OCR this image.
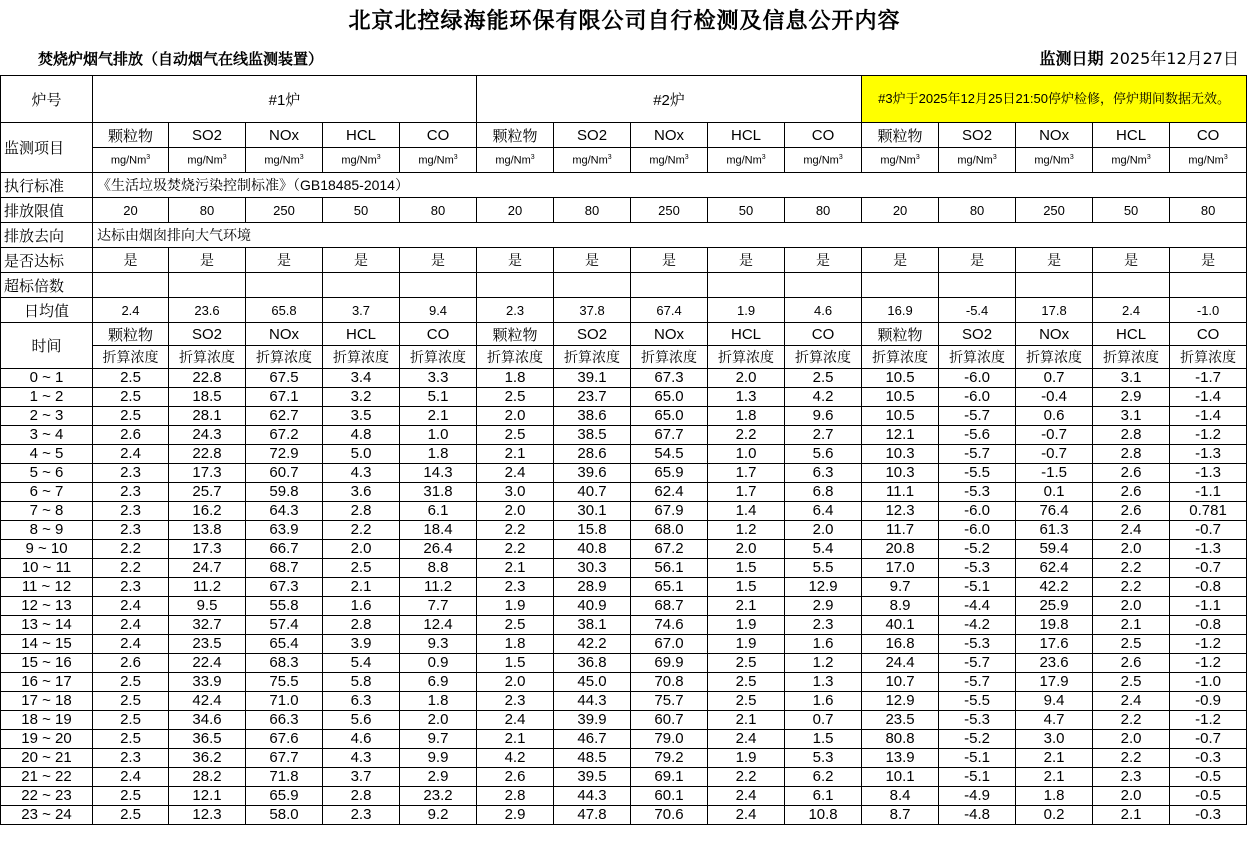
北京北控绿海能环保有限公司自行检测及信息公开内容
焚烧炉烟气排放（自动烟气在线监测装置）	监测日期 2025年12月27日
炉号	#1炉					#2炉					#3炉于2025年12月25日21:50停炉检修，停炉期间数据无效。				
监测项目	颗粒物	SO2	NOx	HCL	CO	颗粒物	SO2	NOx	HCL	CO	颗粒物	SO2	NOx	HCL	CO
	mg/Nm$^3$	mg/Nm$^3$	mg/Nm$^3$	mg/Nm$^3$	mg/Nm$^3$	mg/Nm$^3$	mg/Nm$^3$	mg/Nm$^3$	mg/Nm$^3$	mg/Nm$^3$	mg/Nm$^3$	mg/Nm$^3$	mg/Nm$^3$	mg/Nm$^3$	mg/Nm$^3$
执行标准	《生活垃圾焚烧污染控制标准》（GB18485-2014）														
排放限值	20	80	250	50	80	20	80	250	50	80	20	80	250	50	80
排放去向	达标由烟囱排向大气环境														
是否达标	是	是	是	是	是	是	是	是	是	是	是	是	是	是	是
超标倍数															
日均值	2.4	23.6	65.8	3.7	9.4	2.3	37.8	67.4	1.9	4.6	16.9	-5.4	17.8	2.4	-1.0
时间	颗粒物	SO2	NOx	HCL	CO	颗粒物	SO2	NOx	HCL	CO	颗粒物	SO2	NOx	HCL	CO
	折算浓度	折算浓度	折算浓度	折算浓度	折算浓度	折算浓度	折算浓度	折算浓度	折算浓度	折算浓度	折算浓度	折算浓度	折算浓度	折算浓度	折算浓度
0 ~ 1	2.5	22.8	67.5	3.4	3.3	1.8	39.1	67.3	2.0	2.5	10.5	-6.0	0.7	3.1	-1.7
1 ~ 2	2.5	18.5	67.1	3.2	5.1	2.5	23.7	65.0	1.3	4.2	10.5	-6.0	-0.4	2.9	-1.4
2 ~ 3	2.5	28.1	62.7	3.5	2.1	2.0	38.6	65.0	1.8	9.6	10.5	-5.7	0.6	3.1	-1.4
3 ~ 4	2.6	24.3	67.2	4.8	1.0	2.5	38.5	67.7	2.2	2.7	12.1	-5.6	-0.7	2.8	-1.2
4 ~ 5	2.4	22.8	72.9	5.0	1.8	2.1	28.6	54.5	1.0	5.6	10.3	-5.7	-0.7	2.8	-1.3
5 ~ 6	2.3	17.3	60.7	4.3	14.3	2.4	39.6	65.9	1.7	6.3	10.3	-5.5	-1.5	2.6	-1.3
6 ~ 7	2.3	25.7	59.8	3.6	31.8	3.0	40.7	62.4	1.7	6.8	11.1	-5.3	0.1	2.6	-1.1
7 ~ 8	2.3	16.2	64.3	2.8	6.1	2.0	30.1	67.9	1.4	6.4	12.3	-6.0	76.4	2.6	0.781
8 ~ 9	2.3	13.8	63.9	2.2	18.4	2.2	15.8	68.0	1.2	2.0	11.7	-6.0	61.3	2.4	-0.7
9 ~ 10	2.2	17.3	66.7	2.0	26.4	2.2	40.8	67.2	2.0	5.4	20.8	-5.2	59.4	2.0	-1.3
10 ~ 11	2.2	24.7	68.7	2.5	8.8	2.1	30.3	56.1	1.5	5.5	17.0	-5.3	62.4	2.2	-0.7
11 ~ 12	2.3	11.2	67.3	2.1	11.2	2.3	28.9	65.1	1.5	12.9	9.7	-5.1	42.2	2.2	-0.8
12 ~ 13	2.4	9.5	55.8	1.6	7.7	1.9	40.9	68.7	2.1	2.9	8.9	-4.4	25.9	2.0	-1.1
13 ~ 14	2.4	32.7	57.4	2.8	12.4	2.5	38.1	74.6	1.9	2.3	40.1	-4.2	19.8	2.1	-0.8
14 ~ 15	2.4	23.5	65.4	3.9	9.3	1.8	42.2	67.0	1.9	1.6	16.8	-5.3	17.6	2.5	-1.2
15 ~ 16	2.6	22.4	68.3	5.4	0.9	1.5	36.8	69.9	2.5	1.2	24.4	-5.7	23.6	2.6	-1.2
16 ~ 17	2.5	33.9	75.5	5.8	6.9	2.0	45.0	70.8	2.5	1.3	10.7	-5.7	17.9	2.5	-1.0
17 ~ 18	2.5	42.4	71.0	6.3	1.8	2.3	44.3	75.7	2.5	1.6	12.9	-5.5	9.4	2.4	-0.9
18 ~ 19	2.5	34.6	66.3	5.6	2.0	2.4	39.9	60.7	2.1	0.7	23.5	-5.3	4.7	2.2	-1.2
19 ~ 20	2.5	36.5	67.6	4.6	9.7	2.1	46.7	79.0	2.4	1.5	80.8	-5.2	3.0	2.0	-0.7
20 ~ 21	2.3	36.2	67.7	4.3	9.9	4.2	48.5	79.2	1.9	5.3	13.9	-5.1	2.1	2.2	-0.3
21 ~ 22	2.4	28.2	71.8	3.7	2.9	2.6	39.5	69.1	2.2	6.2	10.1	-5.1	2.1	2.3	-0.5
22 ~ 23	2.5	12.1	65.9	2.8	23.2	2.8	44.3	60.1	2.4	6.1	8.4	-4.9	1.8	2.0	-0.5
23 ~ 24	2.5	12.3	58.0	2.3	9.2	2.9	47.8	70.6	2.4	10.8	8.7	-4.8	0.2	2.1	-0.3
